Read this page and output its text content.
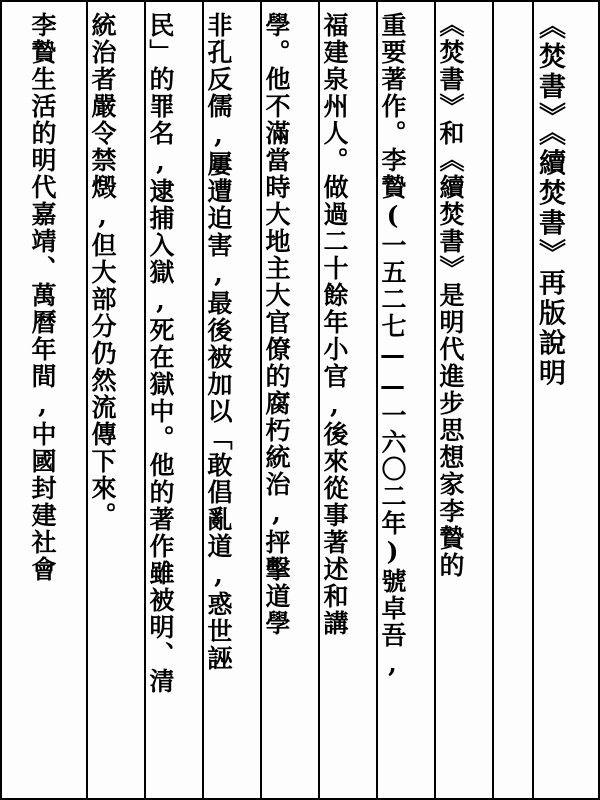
《焚書》《續焚書》再版說明
《焚書》和《續焚書》是明代進步思想家李贄的
重要著作。李贄(一五二七——一六〇二年)號卓吾,
福建泉州人。做過二十餘年小官,後來從事著述和講
學。他不滿當時大地主大官僚的腐朽統治,抨擊道學
非孔反儒,屢遭迫害,最後被加以「敢倡亂道,惑世誣
民」的罪名,逮捕入獄,死在獄中。他的著作雖被明、清
統治者嚴令禁燬,但大部分仍然流傳下來。
李贄生活的明代嘉靖、萬曆年間,中國封建社會
